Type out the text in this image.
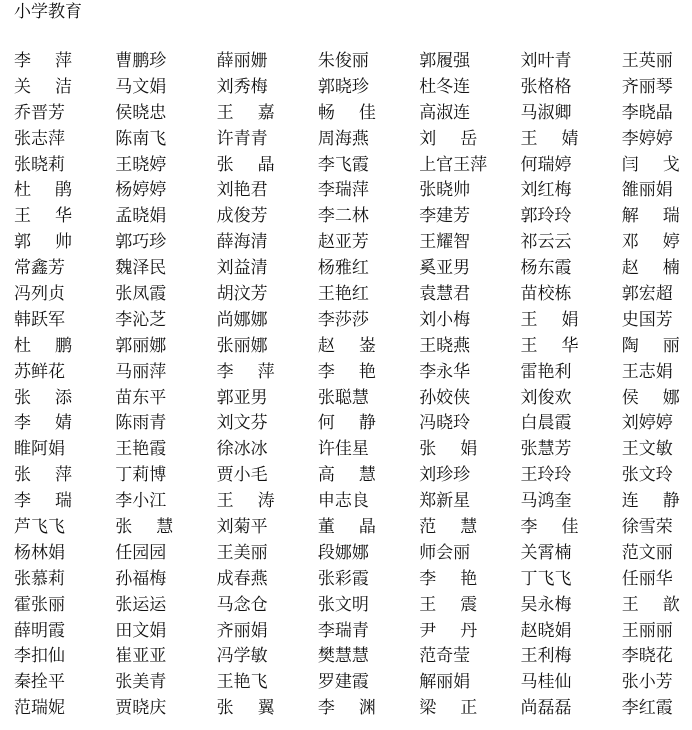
小学教育
李 萍	曹鹏珍	薛丽姗	朱俊丽	郭履强	刘叶青	王英丽
关 洁	马文娟	刘秀梅	郭晓珍	杜冬连	张格格	齐丽琴
乔晋芳	侯晓忠	王 嘉	畅 佳	高淑连	马淑卿	李晓晶
张志萍	陈南飞	许青青	周海燕	刘 岳	王 婧	李婷婷
张晓莉	王晓婷	张 晶	李飞霞	上官王萍	何瑞婷	闫 戈
杜 鹃	杨婷婷	刘艳君	李瑞萍	张晓帅	刘红梅	雒丽娟
王 华	孟晓娟	成俊芳	李二林	李建芳	郭玲玲	解 瑞
郭 帅	郭巧珍	薛海清	赵亚芳	王耀智	祁云云	邓 婷
常鑫芳	魏泽民	刘益清	杨雅红	奚亚男	杨东霞	赵 楠
冯列贞	张凤霞	胡汶芳	王艳红	袁慧君	苗校栋	郭宏超
韩跃军	李沁芝	尚娜娜	李莎莎	刘小梅	王 娟	史国芳
杜 鹏	郭丽娜	张丽娜	赵 崟	王晓燕	王 华	陶 丽
苏鲜花	马丽萍	李 萍	李 艳	李永华	雷艳利	王志娟
张 添	苗东平	郭亚男	张聪慧	孙姣侠	刘俊欢	侯 娜
李 婧	陈雨青	刘文芬	何 静	冯晓玲	白晨霞	刘婷婷
睢阿娟	王艳霞	徐冰冰	许佳星	张 娟	张慧芳	王文敏
张 萍	丁莉博	贾小毛	高 慧	刘珍珍	王玲玲	张文玲
李 瑞	李小江	王 涛	申志良	郑新星	马鸿奎	连 静
芦飞飞	张 慧	刘菊平	董 晶	范 慧	李 佳	徐雪荣
杨林娟	任园园	王美丽	段娜娜	师会丽	关霄楠	范文丽
张慕莉	孙福梅	成春燕	张彩霞	李 艳	丁飞飞	任丽华
霍张丽	张运运	马念仓	张文明	王 震	吴永梅	王 歆
薛明霞	田文娟	齐丽娟	李瑞青	尹 丹	赵晓娟	王丽丽
李扣仙	崔亚亚	冯学敏	樊慧慧	范奇莹	王利梅	李晓花
秦拴平	张美青	王艳飞	罗建霞	解丽娟	马桂仙	张小芳
范瑞妮	贾晓庆	张 翼	李 渊	梁 正	尚磊磊	李红霞
